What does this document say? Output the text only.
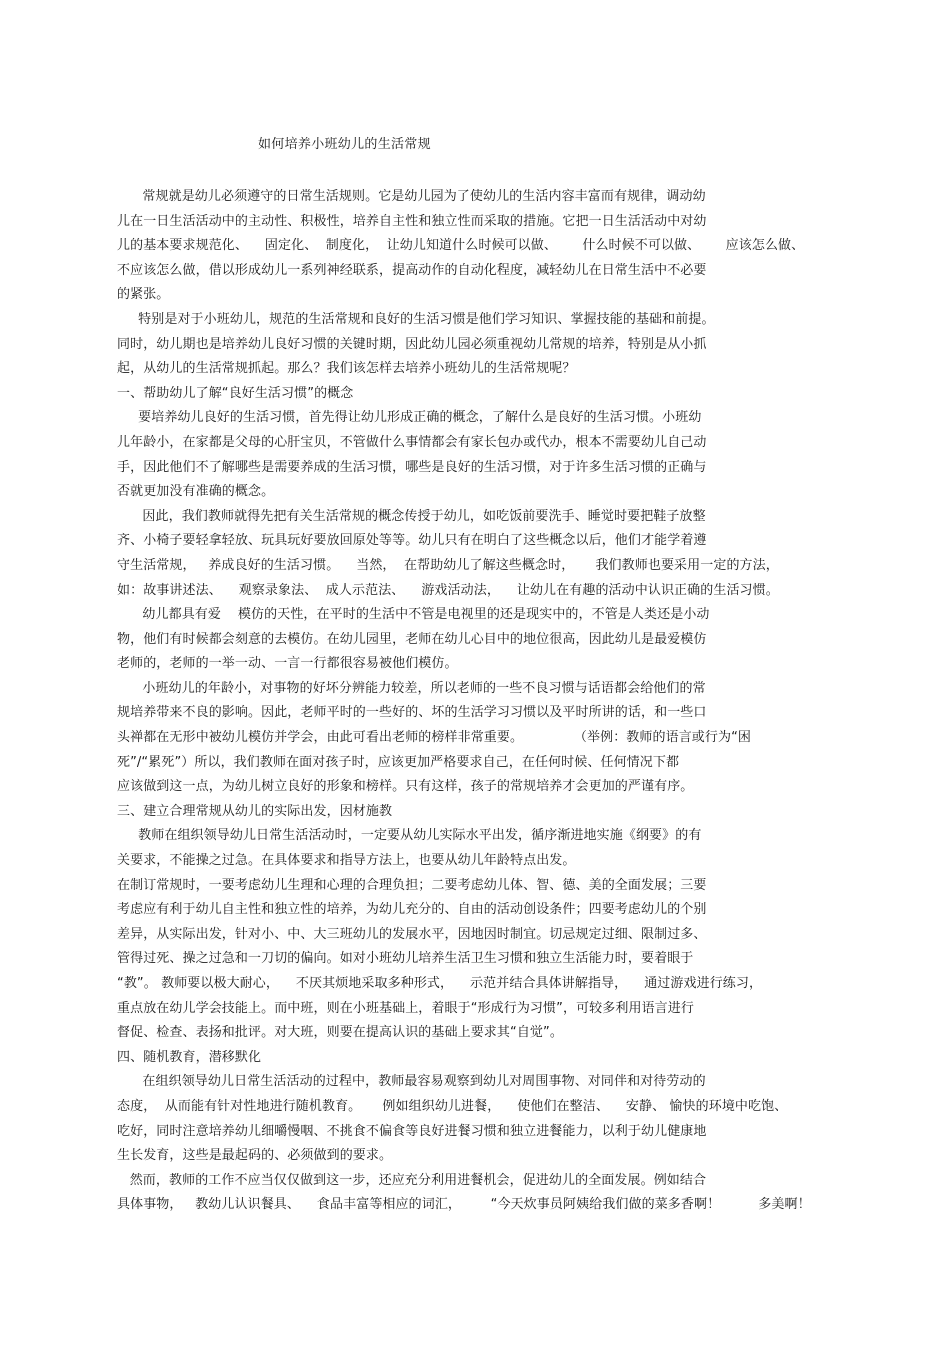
如何培养小班幼儿的生活常规
常规就是幼儿必须遵守的日常生活规则。它是幼儿园为了使幼儿的生活内容丰富而有规律，调动幼
儿在一日生活活动中的主动性、积极性，培养自主性和独立性而采取的措施。它把一日生活活动中对幼
儿的基本要求规范化、    固定化、  制度化，  让幼儿知道什么时候可以做、      什么时候不可以做、      应该怎么做、
不应该怎么做，借以形成幼儿一系列神经联系，提高动作的自动化程度，减轻幼儿在日常生活中不必要
的紧张。
特别是对于小班幼儿，规范的生活常规和良好的生活习惯是他们学习知识、掌握技能的基础和前提。
同时，幼儿期也是培养幼儿良好习惯的关键时期，因此幼儿园必须重视幼儿常规的培养，特别是从小抓
起，从幼儿的生活常规抓起。那么？我们该怎样去培养小班幼儿的生活常规呢？
一、帮助幼儿了解“良好生活习惯”的概念
要培养幼儿良好的生活习惯，首先得让幼儿形成正确的概念，了解什么是良好的生活习惯。小班幼
儿年龄小，在家都是父母的心肝宝贝，不管做什么事情都会有家长包办或代办，根本不需要幼儿自己动
手，因此他们不了解哪些是需要养成的生活习惯，哪些是良好的生活习惯，对于许多生活习惯的正确与
否就更加没有准确的概念。
因此，我们教师就得先把有关生活常规的概念传授于幼儿，如吃饭前要洗手、睡觉时要把鞋子放整
齐、小椅子要轻拿轻放、玩具玩好要放回原处等等。幼儿只有在明白了这些概念以后，他们才能学着遵
守生活常规，   养成良好的生活习惯。    当然，  在帮助幼儿了解这些概念时，     我们教师也要采用一定的方法，
如：故事讲述法、    观察录象法、  成人示范法、    游戏活动法，    让幼儿在有趣的活动中认识正确的生活习惯。
幼儿都具有爱    模仿的天性，在平时的生活中不管是电视里的还是现实中的，不管是人类还是小动
物，他们有时候都会刻意的去模仿。在幼儿园里，老师在幼儿心目中的地位很高，因此幼儿是最爱模仿
老师的，老师的一举一动、一言一行都很容易被他们模仿。
小班幼儿的年龄小，对事物的好坏分辨能力较差，所以老师的一些不良习惯与话语都会给他们的常
规培养带来不良的影响。因此，老师平时的一些好的、坏的生活学习习惯以及平时所讲的话，和一些口
头禅都在无形中被幼儿模仿并学会，由此可看出老师的榜样非常重要。            （举例：教师的语言或行为“困
死”/“累死”）所以，我们教师在面对孩子时，应该更加严格要求自己，在任何时候、任何情况下都
应该做到这一点，为幼儿树立良好的形象和榜样。只有这样，孩子的常规培养才会更加的严谨有序。
三、建立合理常规从幼儿的实际出发，因材施教
教师在组织领导幼儿日常生活活动时，一定要从幼儿实际水平出发，循序渐进地实施《纲要》的有
关要求，不能操之过急。在具体要求和指导方法上，也要从幼儿年龄特点出发。
在制订常规时，一要考虑幼儿生理和心理的合理负担；二要考虑幼儿体、智、德、美的全面发展；三要
考虑应有利于幼儿自主性和独立性的培养，为幼儿充分的、自由的活动创设条件；四要考虑幼儿的个别
差异，从实际出发，针对小、中、大三班幼儿的发展水平，因地因时制宜。切忌规定过细、限制过多、
管得过死、操之过急和一刀切的偏向。如对小班幼儿培养生活卫生习惯和独立生活能力时，要着眼于
“教”。 教师要以极大耐心，    不厌其烦地采取多种形式，    示范并结合具体讲解指导，    通过游戏进行练习，
重点放在幼儿学会技能上。而中班，则在小班基础上，着眼于“形成行为习惯”，可较多利用语言进行
督促、检查、表扬和批评。对大班，则要在提高认识的基础上要求其“自觉”。
四、随机教育，潜移默化
在组织领导幼儿日常生活活动的过程中，教师最容易观察到幼儿对周围事物、对同伴和对待劳动的
态度，  从而能有针对性地进行随机教育。     例如组织幼儿进餐，    使他们在整洁、    安静、 愉快的环境中吃饱、
吃好，同时注意培养幼儿细嚼慢咽、不挑食不偏食等良好进餐习惯和独立进餐能力，以利于幼儿健康地
生长发育，这些是最起码的、必须做到的要求。
然而，教师的工作不应当仅仅做到这一步，还应充分利用进餐机会，促进幼儿的全面发展。例如结合
具体事物，   教幼儿认识餐具、    食品丰富等相应的词汇，       “今天炊事员阿姨给我们做的菜多香啊！         多美啊！
